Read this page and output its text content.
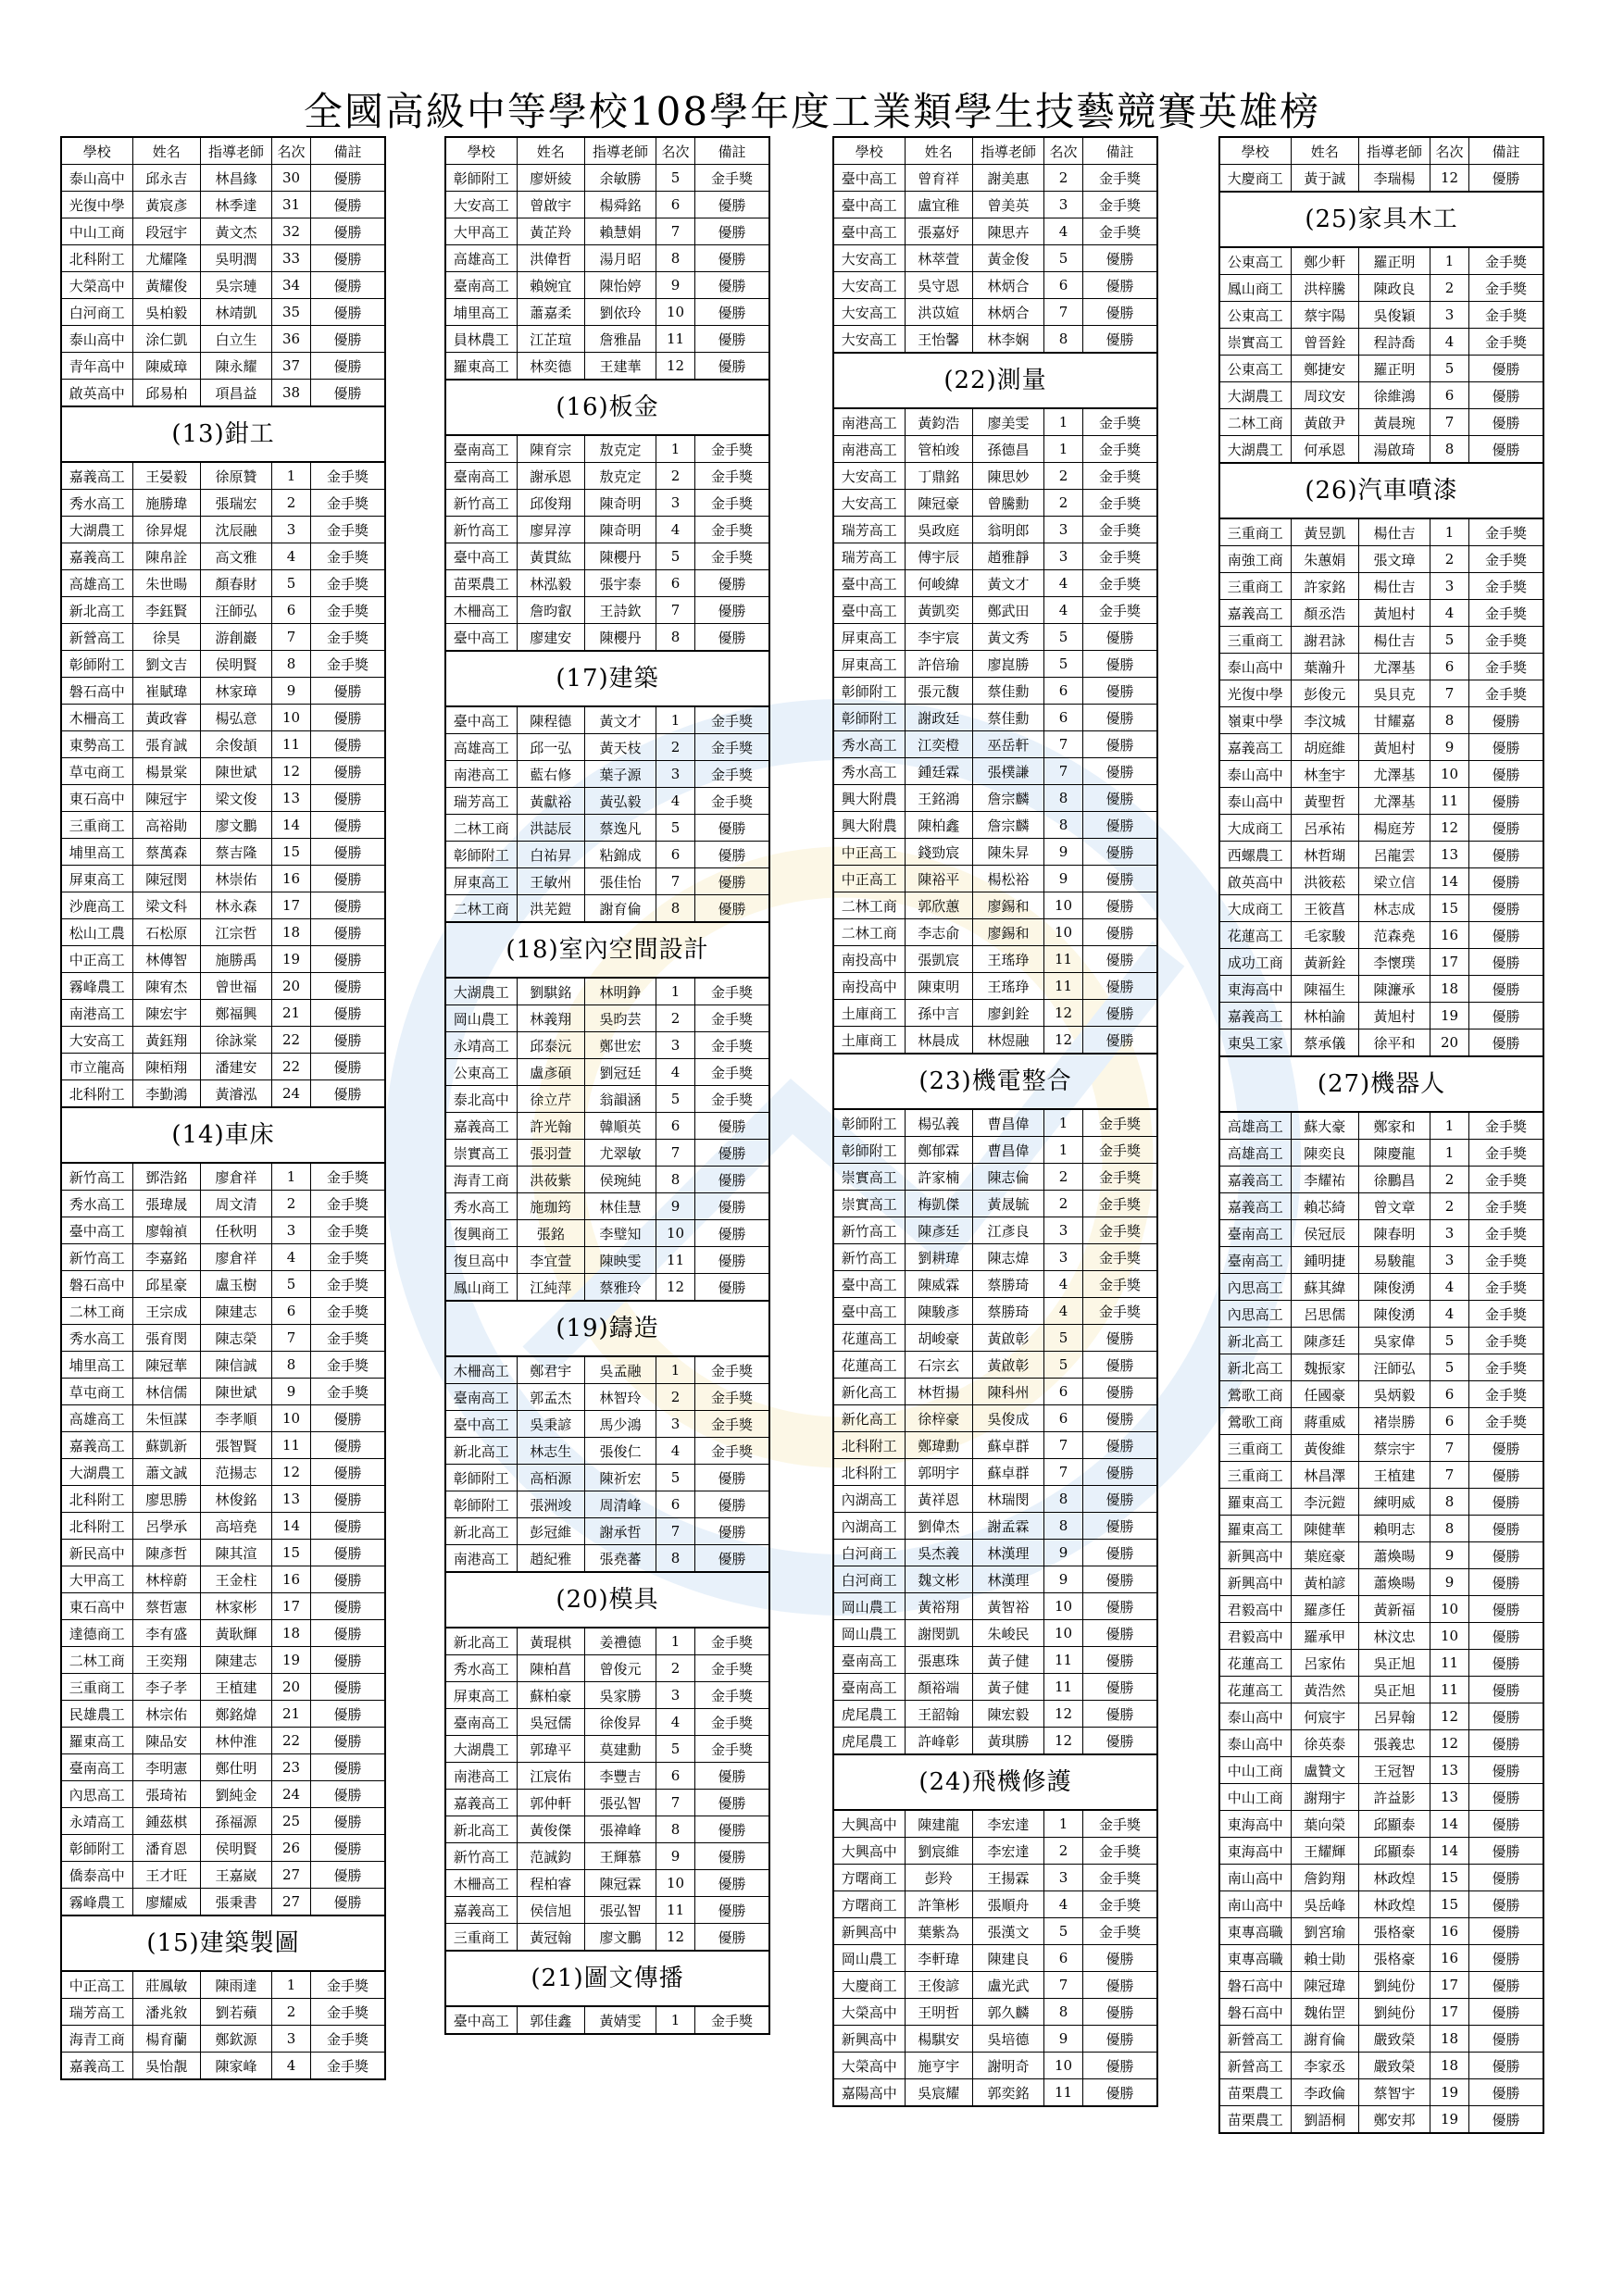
全國高級中等學校108學年度工業類學生技藝競賽英雄榜
學校	姓名	指導老師	名次	備註
泰山高中	邱永吉	林昌緣	30	優勝
光復中學	黃宸彥	林季達	31	優勝
中山工商	段冠宇	黃文杰	32	優勝
北科附工	尤耀隆	吳明潤	33	優勝
大榮高中	黃耀俊	吳宗璉	34	優勝
白河商工	吳柏毅	林靖凱	35	優勝
泰山高中	涂仁凱	白立生	36	優勝
青年高中	陳威璋	陳永耀	37	優勝
啟英高中	邱易柏	項昌益	38	優勝
(13)鉗工
嘉義高工	王晏毅	徐原贊	1	金手獎
秀水高工	施勝瑋	張瑞宏	2	金手獎
大湖農工	徐昇焜	沈辰融	3	金手獎
嘉義高工	陳帛詮	高文雅	4	金手獎
高雄高工	朱世暘	顏春財	5	金手獎
新北高工	李鈺賢	汪師弘	6	金手獎
新營高工	徐昊	游創巖	7	金手獎
彰師附工	劉文吉	侯明賢	8	金手獎
磐石高中	崔賦瑋	林家璋	9	優勝
木柵高工	黃政睿	楊弘意	10	優勝
東勢高工	張育誠	余俊頡	11	優勝
草屯商工	楊景棠	陳世斌	12	優勝
東石高中	陳冠宇	梁文俊	13	優勝
三重商工	高裕勛	廖文鵬	14	優勝
埔里高工	蔡萬森	蔡吉隆	15	優勝
屏東高工	陳冠閔	林崇佑	16	優勝
沙鹿高工	梁文科	林永森	17	優勝
松山工農	石松原	江宗哲	18	優勝
中正高工	林傳智	施勝禹	19	優勝
霧峰農工	陳宥杰	曾世福	20	優勝
南港高工	陳宏宇	鄭福興	21	優勝
大安高工	黃鈺翔	徐詠棠	22	優勝
市立龍高	陳栢翔	潘建安	22	優勝
北科附工	李勤鴻	黃濬泓	24	優勝
(14)車床
新竹高工	鄧浩銘	廖倉祥	1	金手獎
秀水高工	張瑋晟	周文清	2	金手獎
臺中高工	廖翰禎	任秋明	3	金手獎
新竹高工	李嘉銘	廖倉祥	4	金手獎
磐石高中	邱星豪	盧玉樹	5	金手獎
二林工商	王宗成	陳建志	6	金手獎
秀水高工	張育閔	陳志榮	7	金手獎
埔里高工	陳冠華	陳信誠	8	金手獎
草屯商工	林信儒	陳世斌	9	金手獎
高雄高工	朱恒謀	李孝順	10	優勝
嘉義高工	蘇凱新	張智賢	11	優勝
大湖農工	蕭文誠	范揚志	12	優勝
北科附工	廖思勝	林俊銘	13	優勝
北科附工	呂學承	高培堯	14	優勝
新民高中	陳彥哲	陳其渲	15	優勝
大甲高工	林梓蔚	王金柱	16	優勝
東石高中	蔡哲憲	林家彬	17	優勝
達德商工	李有盛	黃耿輝	18	優勝
二林工商	王奕翔	陳建志	19	優勝
三重商工	李子孝	王植建	20	優勝
民雄農工	林宗佑	鄭銘煒	21	優勝
羅東高工	陳品安	林仲淮	22	優勝
臺南高工	李明憲	鄭仕明	23	優勝
內思高工	張琦祐	劉純金	24	優勝
永靖高工	鍾茲棋	孫福源	25	優勝
彰師附工	潘育恩	侯明賢	26	優勝
僑泰高中	王才旺	王嘉崴	27	優勝
霧峰農工	廖耀威	張秉書	27	優勝
(15)建築製圖
中正高工	莊鳳敏	陳雨達	1	金手獎
瑞芳高工	潘兆敘	劉若蘋	2	金手獎
海青工商	楊育蘭	鄭欽源	3	金手獎
嘉義高工	吳怡靚	陳家峰	4	金手獎
學校	姓名	指導老師	名次	備註
彰師附工	廖妍綾	余敏勝	5	金手獎
大安高工	曾啟宇	楊舜銘	6	優勝
大甲高工	黃芷羚	賴慧娟	7	優勝
高雄高工	洪偉哲	湯月昭	8	優勝
臺南高工	賴婉宜	陳怡婷	9	優勝
埔里高工	蕭嘉柔	劉依玲	10	優勝
員林農工	江芷瑄	詹雅晶	11	優勝
羅東高工	林奕德	王建華	12	優勝
(16)板金
臺南高工	陳育宗	敖克定	1	金手獎
臺南高工	謝承恩	敖克定	2	金手獎
新竹高工	邱俊翔	陳奇明	3	金手獎
新竹高工	廖昇淳	陳奇明	4	金手獎
臺中高工	黃貫紘	陳櫻丹	5	金手獎
苗栗農工	林泓毅	張宇泰	6	優勝
木柵高工	詹昀叡	王詩欽	7	優勝
臺中高工	廖建安	陳櫻丹	8	優勝
(17)建築
臺中高工	陳程德	黃文才	1	金手獎
高雄高工	邱一弘	黃天枝	2	金手獎
南港高工	藍右修	葉子源	3	金手獎
瑞芳高工	黃獻裕	黃弘毅	4	金手獎
二林工商	洪誌辰	蔡逸凡	5	優勝
彰師附工	白祐昇	粘錦成	6	優勝
屏東高工	王敏州	張佳怡	7	優勝
二林工商	洪芜鎧	謝育倫	8	優勝
(18)室內空間設計
大湖農工	劉騏銘	林明錚	1	金手獎
岡山農工	林義翔	吳昀芸	2	金手獎
永靖高工	邱泰沅	鄭世宏	3	金手獎
公東高工	盧彥碩	劉冠廷	4	金手獎
泰北高中	徐立芹	翁韻涵	5	金手獎
嘉義高工	許光翰	韓順英	6	優勝
崇實高工	張羽萱	尤翠敏	7	優勝
海青工商	洪莜紫	侯琬純	8	優勝
秀水高工	施珈筠	林佳慧	9	優勝
復興商工	張銘	李璧知	10	優勝
復旦高中	李宜萱	陳映雯	11	優勝
鳳山商工	江純萍	蔡雅玲	12	優勝
(19)鑄造
木柵高工	鄭君宇	吳孟融	1	金手獎
臺南高工	郭孟杰	林智玲	2	金手獎
臺中高工	吳秉諺	馬少鴻	3	金手獎
新北高工	林志生	張俊仁	4	金手獎
彰師附工	高栢源	陳祈宏	5	優勝
彰師附工	張洲竣	周清峰	6	優勝
新北高工	彭冠維	謝承哲	7	優勝
南港高工	趙紀雅	張堯蕃	8	優勝
(20)模具
新北高工	黃琨棋	姜禮德	1	金手獎
秀水高工	陳柏菖	曾俊元	2	金手獎
屏東高工	蘇柏豪	吳家勝	3	金手獎
臺南高工	吳冠儒	徐俊昇	4	金手獎
大湖農工	郭瑋平	莫建勳	5	金手獎
南港高工	江宸佑	李豐吉	6	優勝
嘉義高工	郭仲軒	張弘智	7	優勝
新北高工	黃俊傑	張禕峰	8	優勝
新竹高工	范誠鈞	王輝慕	9	優勝
木柵高工	程柏睿	陳冠霖	10	優勝
嘉義高工	侯信旭	張弘智	11	優勝
三重商工	黃冠翰	廖文鵬	12	優勝
(21)圖文傳播
臺中高工	郭佳鑫	黃婧雯	1	金手獎
學校	姓名	指導老師	名次	備註
臺中高工	曾育祥	謝美惠	2	金手獎
臺中高工	盧宜稚	曾美英	3	金手獎
臺中高工	張嘉妤	陳思卉	4	金手獎
大安高工	林萃萱	黃金俊	5	優勝
大安高工	吳守恩	林炳合	6	優勝
大安高工	洪苡媗	林炳合	7	優勝
大安高工	王怡馨	林李娴	8	優勝
(22)測量
南港高工	黃鈞浩	廖美雯	1	金手獎
南港高工	管柏竣	孫德昌	1	金手獎
大安高工	丁鼎銘	陳思妙	2	金手獎
大安高工	陳冠豪	曾騰勳	2	金手獎
瑞芳高工	吳政庭	翁明郎	3	金手獎
瑞芳高工	傅宇辰	趙雅靜	3	金手獎
臺中高工	何峻緯	黃文才	4	金手獎
臺中高工	黃凱奕	鄭武田	4	金手獎
屏東高工	李宇宸	黃文秀	5	優勝
屏東高工	許倍瑜	廖崑勝	5	優勝
彰師附工	張元馥	蔡佳勳	6	優勝
彰師附工	謝政廷	蔡佳勳	6	優勝
秀水高工	江奕橙	巫岳軒	7	優勝
秀水高工	鍾廷霖	張樸謙	7	優勝
興大附農	王銘鴻	詹宗麟	8	優勝
興大附農	陳柏鑫	詹宗麟	8	優勝
中正高工	錢勁宸	陳朱昇	9	優勝
中正高工	陳裕平	楊松裕	9	優勝
二林工商	郭欣蕙	廖錫和	10	優勝
二林工商	李志俞	廖錫和	10	優勝
南投高中	張凱宸	王瑤琤	11	優勝
南投高中	陳東明	王瑤琤	11	優勝
土庫商工	孫中言	廖釗銓	12	優勝
土庫商工	林晨成	林煜融	12	優勝
(23)機電整合
彰師附工	楊弘義	曹昌偉	1	金手獎
彰師附工	鄭郁霖	曹昌偉	1	金手獎
崇實高工	許家楠	陳志倫	2	金手獎
崇實高工	梅凱傑	黃晟毓	2	金手獎
新竹高工	陳彥廷	江彥良	3	金手獎
新竹高工	劉耕瑋	陳志煒	3	金手獎
臺中高工	陳威霖	蔡勝琦	4	金手獎
臺中高工	陳駿彥	蔡勝琦	4	金手獎
花蓮高工	胡峻豪	黃啟彰	5	優勝
花蓮高工	石宗玄	黃啟彰	5	優勝
新化高工	林哲揚	陳科州	6	優勝
新化高工	徐梓豪	吳俊成	6	優勝
北科附工	鄭瑋勳	蘇卓群	7	優勝
北科附工	郭明宇	蘇卓群	7	優勝
內湖高工	黃祥恩	林瑞閔	8	優勝
內湖高工	劉偉杰	謝孟霖	8	優勝
白河商工	吳杰義	林漢理	9	優勝
白河商工	魏文彬	林漢理	9	優勝
岡山農工	黃裕翔	黃智裕	10	優勝
岡山農工	謝閔凱	朱峻民	10	優勝
臺南高工	張惠珠	黃子健	11	優勝
臺南高工	顏裕端	黃子健	11	優勝
虎尾農工	王韶翰	陳宏毅	12	優勝
虎尾農工	許峰彰	黃琪勝	12	優勝
(24)飛機修護
大興高中	陳建龍	李宏達	1	金手獎
大興高中	劉宸維	李宏達	2	金手獎
方曙商工	彭羚	王揚霖	3	金手獎
方曙商工	許筆彬	張順舟	4	金手獎
新興高中	葉紫為	張漢文	5	金手獎
岡山農工	李軒瑋	陳建良	6	優勝
大慶商工	王俊諺	盧光武	7	優勝
大榮高中	王明哲	郭久麟	8	優勝
新興高中	楊騏安	吳培德	9	優勝
大榮高中	施亨宇	謝明奇	10	優勝
嘉陽高中	吳宸耀	郭奕銘	11	優勝
學校	姓名	指導老師	名次	備註
大慶商工	黃于誠	李瑞楊	12	優勝
(25)家具木工
公東高工	鄭少軒	羅正明	1	金手獎
鳳山商工	洪梓騰	陳政良	2	金手獎
公東高工	蔡宇陽	吳俊穎	3	金手獎
崇實高工	曾晉銓	程詩喬	4	金手獎
公東高工	鄭捷安	羅正明	5	優勝
大湖農工	周玟安	徐維鴻	6	優勝
二林工商	黃啟尹	黃晨琬	7	優勝
大湖農工	何承恩	湯啟琦	8	優勝
(26)汽車噴漆
三重商工	黃昱凱	楊仕吉	1	金手獎
南強工商	朱蕙娟	張文璋	2	金手獎
三重商工	許家銘	楊仕吉	3	金手獎
嘉義高工	顏丞浩	黃旭村	4	金手獎
三重商工	謝君詠	楊仕吉	5	金手獎
泰山高中	葉瀚升	尤澤基	6	金手獎
光復中學	彭俊元	吳貝克	7	金手獎
嶺東中學	李汶城	甘耀嘉	8	優勝
嘉義高工	胡庭維	黃旭村	9	優勝
泰山高中	林奎宇	尤澤基	10	優勝
泰山高中	黃聖哲	尤澤基	11	優勝
大成商工	呂承祐	楊庭芳	12	優勝
西螺農工	林哲瑚	呂龍雲	13	優勝
啟英高中	洪筱菘	梁立信	14	優勝
大成商工	王筱菖	林志成	15	優勝
花蓮高工	毛家駿	范森堯	16	優勝
成功工商	黃新銓	李懷璞	17	優勝
東海高中	陳福生	陳濂承	18	優勝
嘉義高工	林柏諭	黃旭村	19	優勝
東吳工家	蔡承儀	徐平和	20	優勝
(27)機器人
高雄高工	蘇大豪	鄭家和	1	金手獎
高雄高工	陳奕良	陳慶龍	1	金手獎
嘉義高工	李耀祐	徐鵬昌	2	金手獎
嘉義高工	賴芯綺	曾文章	2	金手獎
臺南高工	侯冠辰	陳春明	3	金手獎
臺南高工	鍾明捷	易駿龍	3	金手獎
內思高工	蘇其緯	陳俊湧	4	金手獎
內思高工	呂思儒	陳俊湧	4	金手獎
新北高工	陳彥廷	吳家偉	5	金手獎
新北高工	魏振家	汪師弘	5	金手獎
鶯歌工商	任國豪	吳炳毅	6	金手獎
鶯歌工商	蔣重威	褚崇勝	6	金手獎
三重商工	黃俊維	蔡宗宇	7	優勝
三重商工	林昌澤	王植建	7	優勝
羅東高工	李沅鎧	練明威	8	優勝
羅東高工	陳健華	賴明志	8	優勝
新興高中	葉庭豪	蕭煥暘	9	優勝
新興高中	黃柏諺	蕭煥暘	9	優勝
君毅高中	羅彥任	黃新福	10	優勝
君毅高中	羅承甲	林汶忠	10	優勝
花蓮高工	呂家佑	吳正旭	11	優勝
花蓮高工	黃浩然	吳正旭	11	優勝
泰山高中	何宸宇	呂昇翰	12	優勝
泰山高中	徐英泰	張義忠	12	優勝
中山工商	盧贊文	王冠智	13	優勝
中山工商	謝翔宇	許益影	13	優勝
東海高中	葉向榮	邱顯泰	14	優勝
東海高中	王耀輝	邱顯泰	14	優勝
南山高中	詹鈞翔	林政煌	15	優勝
南山高中	吳岳峰	林政煌	15	優勝
東專高職	劉宮瑜	張格豪	16	優勝
東專高職	賴士勛	張格豪	16	優勝
磐石高中	陳冠瑋	劉純份	17	優勝
磐石高中	魏佑罡	劉純份	17	優勝
新營高工	謝育倫	嚴致榮	18	優勝
新營高工	李家丞	嚴致榮	18	優勝
苗栗農工	李政倫	蔡智宇	19	優勝
苗栗農工	劉語桐	鄭安邦	19	優勝
